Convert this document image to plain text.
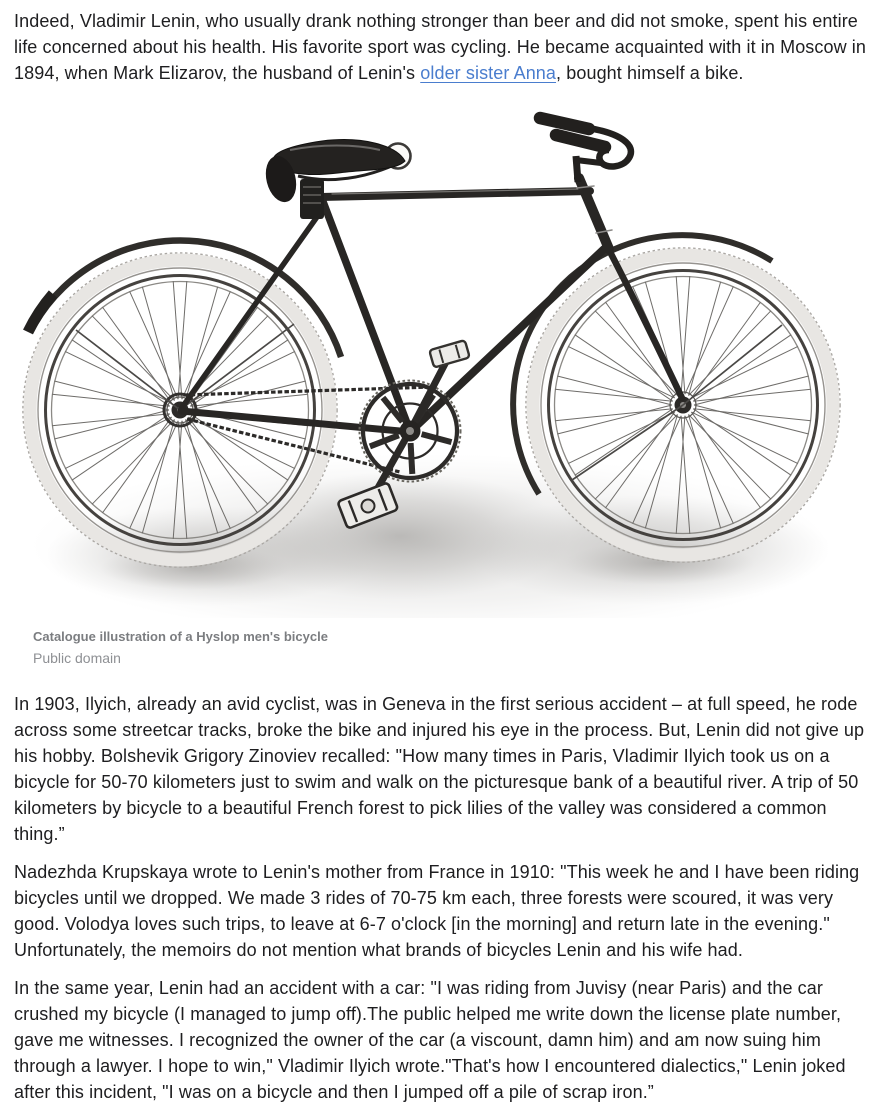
Indeed, Vladimir Lenin, who usually drank nothing stronger than beer and did not smoke, spent his entire life concerned about his health. His favorite sport was cycling. He became acquainted with it in Moscow in 1894, when Mark Elizarov, the husband of Lenin's older sister Anna, bought himself a bike.

Catalogue illustration of a Hyslop men's bicycle
Public domain

In 1903, Ilyich, already an avid cyclist, was in Geneva in the first serious accident – at full speed, he rode across some streetcar tracks, broke the bike and injured his eye in the process. But, Lenin did not give up his hobby. Bolshevik Grigory Zinoviev recalled: "How many times in Paris, Vladimir Ilyich took us on a bicycle for 50-70 kilometers just to swim and walk on the picturesque bank of a beautiful river. A trip of 50 kilometers by bicycle to a beautiful French forest to pick lilies of the valley was considered a common thing.”

Nadezhda Krupskaya wrote to Lenin's mother from France in 1910: "This week he and I have been riding bicycles until we dropped. We made 3 rides of 70-75 km each, three forests were scoured, it was very good. Volodya loves such trips, to leave at 6-7 o'clock [in the morning] and return late in the evening." Unfortunately, the memoirs do not mention what brands of bicycles Lenin and his wife had.

In the same year, Lenin had an accident with a car: "I was riding from Juvisy (near Paris) and the car crushed my bicycle (I managed to jump off).The public helped me write down the license plate number, gave me witnesses. I recognized the owner of the car (a viscount, damn him) and am now suing him through a lawyer. I hope to win," Vladimir Ilyich wrote."That's how I encountered dialectics," Lenin joked after this incident, "I was on a bicycle and then I jumped off a pile of scrap iron.”
